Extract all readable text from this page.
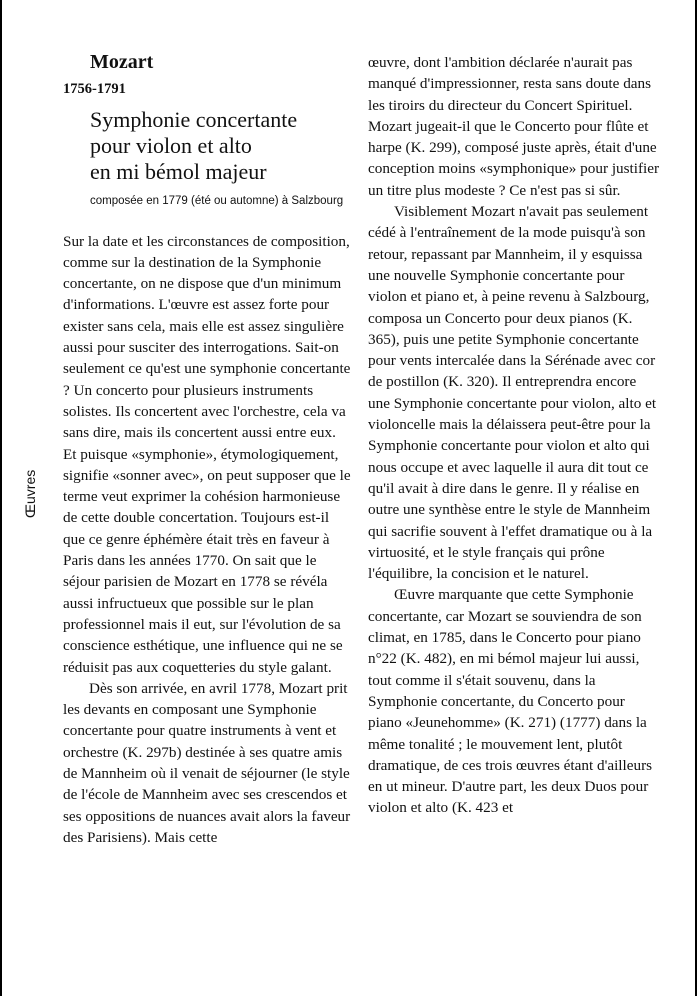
Œuvres
Mozart
1756-1791
Symphonie concertante
pour violon et alto
en mi bémol majeur
composée en 1779 (été ou automne) à Salzbourg

Sur la date et les circonstances de composition, comme sur la destination de la Symphonie concertante, on ne dispose que d'un minimum d'informations. L'œuvre est assez forte pour exister sans cela, mais elle est assez singulière aussi pour susciter des interrogations. Sait-on seulement ce qu'est une symphonie concertante ? Un concerto pour plusieurs instruments solistes. Ils concertent avec l'orchestre, cela va sans dire, mais ils concertent aussi entre eux. Et puisque «symphonie», étymologiquement, signifie «sonner avec», on peut supposer que le terme veut exprimer la cohésion harmonieuse de cette double concertation. Toujours est-il que ce genre éphémère était très en faveur à Paris dans les années 1770. On sait que le séjour parisien de Mozart en 1778 se révéla aussi infructueux que possible sur le plan professionnel mais il eut, sur l'évolution de sa conscience esthétique, une influence qui ne se réduisit pas aux coquetteries du style galant.

Dès son arrivée, en avril 1778, Mozart prit les devants en composant une Symphonie concertante pour quatre instruments à vent et orchestre (K. 297b) destinée à ses quatre amis de Mannheim où il venait de séjourner (le style de l'école de Mannheim avec ses crescendos et ses oppositions de nuances avait alors la faveur des Parisiens). Mais cette

œuvre, dont l'ambition déclarée n'aurait pas manqué d'impressionner, resta sans doute dans les tiroirs du directeur du Concert Spirituel. Mozart jugeait-il que le Concerto pour flûte et harpe (K. 299), composé juste après, était d'une conception moins «symphonique» pour justifier un titre plus modeste ? Ce n'est pas si sûr.

Visiblement Mozart n'avait pas seulement cédé à l'entraînement de la mode puisqu'à son retour, repassant par Mannheim, il y esquissa une nouvelle Symphonie concertante pour violon et piano et, à peine revenu à Salzbourg, composa un Concerto pour deux pianos (K. 365), puis une petite Symphonie concertante pour vents intercalée dans la Sérénade avec cor de postillon (K. 320). Il entreprendra encore une Symphonie concertante pour violon, alto et violoncelle mais la délaissera peut-être pour la Symphonie concertante pour violon et alto qui nous occupe et avec laquelle il aura dit tout ce qu'il avait à dire dans le genre. Il y réalise en outre une synthèse entre le style de Mannheim qui sacrifie souvent à l'effet dramatique ou à la virtuosité, et le style français qui prône l'équilibre, la concision et le naturel.

Œuvre marquante que cette Symphonie concertante, car Mozart se souviendra de son climat, en 1785, dans le Concerto pour piano n°22 (K. 482), en mi bémol majeur lui aussi, tout comme il s'était souvenu, dans la Symphonie concertante, du Concerto pour piano «Jeunehomme» (K. 271) (1777) dans la même tonalité ; le mouvement lent, plutôt dramatique, de ces trois œuvres étant d'ailleurs en ut mineur. D'autre part, les deux Duos pour violon et alto (K. 423 et
